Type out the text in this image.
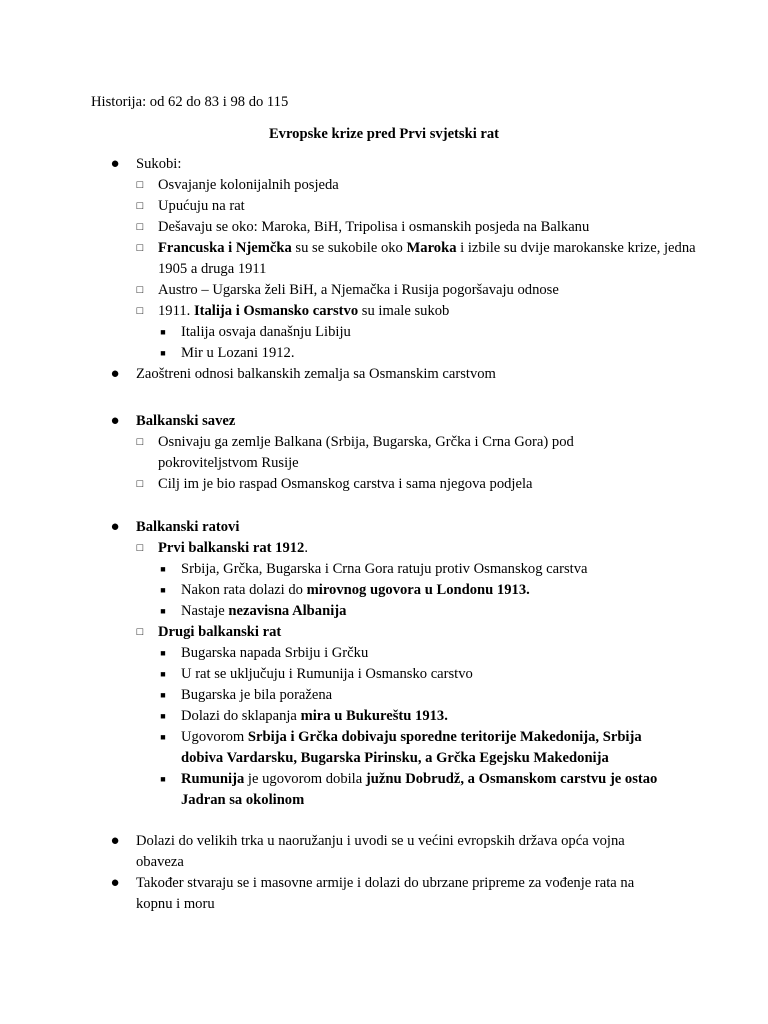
Historija: od 62 do 83 i 98 do 115
Evropske krize pred Prvi svjetski rat
● Sukobi:
□ Osvajanje kolonijalnih posjeda
□ Upućuju na rat
□ Dešavaju se oko: Maroka, BiH, Tripolisa i osmanskih posjeda na Balkanu
□ Francuska i Njemčka su se sukobile oko Maroka i izbile su dvije marokanske krize, jedna 1905 a druga 1911
□ Austro – Ugarska želi BiH, a Njemačka i Rusija pogoršavaju odnose
□ 1911. Italija i Osmansko carstvo su imale sukob
■ Italija osvaja današnju Libiju
■ Mir u Lozani 1912.
● Zaoštreni odnosi balkanskih zemalja sa Osmanskim carstvom
● Balkanski savez
□ Osnivaju ga zemlje Balkana (Srbija, Bugarska, Grčka i Crna Gora) pod pokroviteljstvom Rusije
□ Cilj im je bio raspad Osmanskog carstva i sama njegova podjela
● Balkanski ratovi
□ Prvi balkanski rat 1912.
■ Srbija, Grčka, Bugarska i Crna Gora ratuju protiv Osmanskog carstva
■ Nakon rata dolazi do mirovnog ugovora u Londonu 1913.
■ Nastaje nezavisna Albanija
□ Drugi balkanski rat
■ Bugarska napada Srbiju i Grčku
■ U rat se uključuju i Rumunija i Osmansko carstvo
■ Bugarska je bila poražena
■ Dolazi do sklapanja mira u Bukureštu 1913.
■ Ugovorom Srbija i Grčka dobivaju sporedne teritorije Makedonija, Srbija dobiva Vardarsku, Bugarska Pirinsku, a Grčka Egejsku Makedonija
■ Rumunija je ugovorom dobila južnu Dobrudž, a Osmanskom carstvu je ostao Jadran sa okolinom
● Dolazi do velikih trka u naoružanju i uvodi se u većini evropskih država opća vojna obaveza
● Također stvaraju se i masovne armije i dolazi do ubrzane pripreme za vođenje rata na kopnu i moru
